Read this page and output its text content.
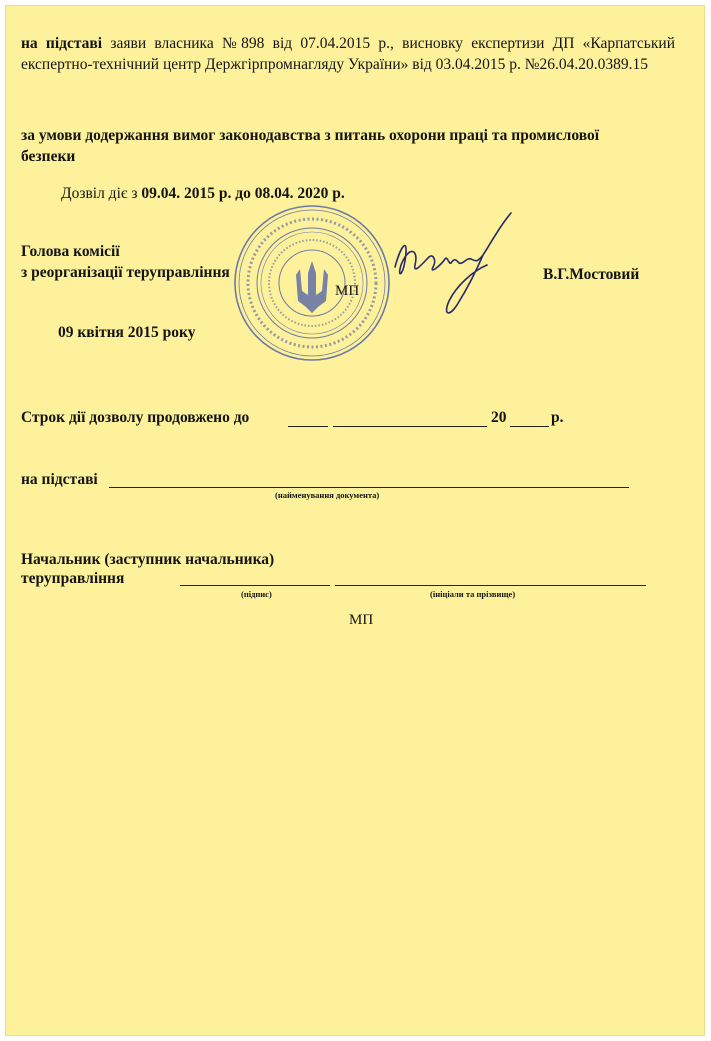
на підставі заяви власника №898 від 07.04.2015 р., висновку експертизи ДП «Карпатський експертно-технічний центр Держгірпромнагляду України» від 03.04.2015 р. №26.04.20.0389.15

за умови додержання вимог законодавства з питань охорони праці та промислової безпеки

Дозвіл діє з 09.04. 2015 р. до 08.04. 2020 р.

Голова комісії
з реорганізації теруправління

МП
В.Г.Мостовий
09 квітня 2015 року
Строк дії дозволу продовжено до	20	р.
на підставі
(найменування документа)

Начальник (заступник начальника)
теруправління

(підпис)	(ініціали та прізвище)
МП
